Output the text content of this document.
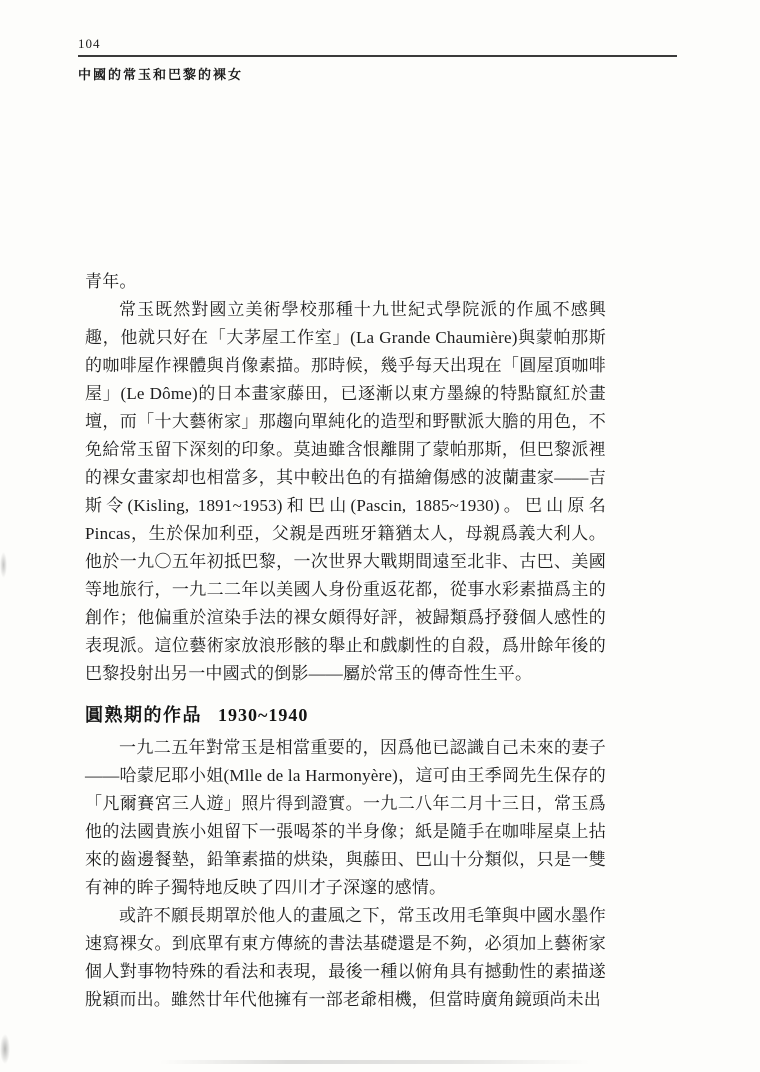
104
中國的常玉和巴黎的裸女

青年。

常玉既然對國立美術學校那種十九世紀式學院派的作風不感興趣，他就只好在「大茅屋工作室」(La Grande Chaumière)與蒙帕那斯的咖啡屋作裸體與肖像素描。那時候，幾乎每天出現在「圓屋頂咖啡屋」(Le Dôme)的日本畫家藤田，已逐漸以東方墨線的特點竄紅於畫壇，而「十大藝術家」那趨向單純化的造型和野獸派大膽的用色，不免給常玉留下深刻的印象。莫迪雖含恨離開了蒙帕那斯，但巴黎派裡的裸女畫家却也相當多，其中較出色的有描繪傷感的波蘭畫家——吉斯令(Kisling, 1891~1953)和巴山(Pascin, 1885~1930)。巴山原名 Pincas，生於保加利亞，父親是西班牙籍猶太人，母親爲義大利人。他於一九〇五年初抵巴黎，一次世界大戰期間遠至北非、古巴、美國等地旅行，一九二二年以美國人身份重返花都，從事水彩素描爲主的創作；他偏重於渲染手法的裸女頗得好評，被歸類爲抒發個人感性的表現派。這位藝術家放浪形骸的舉止和戲劇性的自殺，爲卅餘年後的巴黎投射出另一中國式的倒影——屬於常玉的傳奇性生平。

圓熟期的作品 1930~1940

一九二五年對常玉是相當重要的，因爲他已認識自己未來的妻子——哈蒙尼耶小姐(Mlle de la Harmonyère)，這可由王季岡先生保存的「凡爾賽宮三人遊」照片得到證實。一九二八年二月十三日，常玉爲他的法國貴族小姐留下一張喝茶的半身像；紙是隨手在咖啡屋桌上拈來的齒邊餐墊，鉛筆素描的烘染，與藤田、巴山十分類似，只是一雙有神的眸子獨特地反映了四川才子深邃的感情。

或許不願長期罩於他人的畫風之下，常玉改用毛筆與中國水墨作速寫裸女。到底單有東方傳統的書法基礎還是不夠，必須加上藝術家個人對事物特殊的看法和表現，最後一種以俯角具有撼動性的素描遂脫穎而出。雖然廿年代他擁有一部老爺相機，但當時廣角鏡頭尚未出
